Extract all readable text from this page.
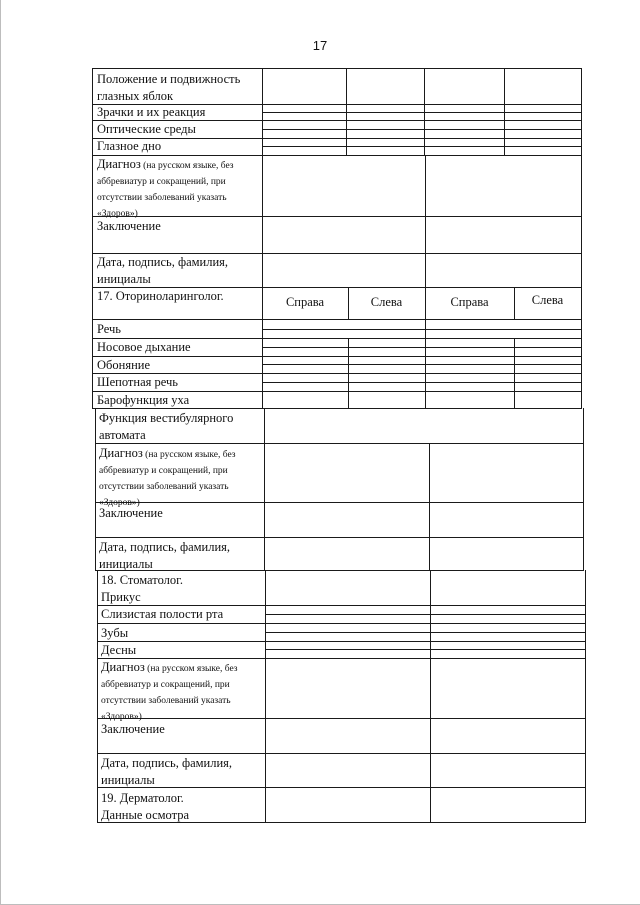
17
Положение и подвижность
глазных яблок
Зрачки и их реакция
Оптические среды
Глазное дно
Диагноз (на русском языке, без
аббревиатур и сокращений, при
отсутствии заболеваний указать
«Здоров»)
Заключение
Дата, подпись, фамилия,
инициалы
17. Оториноларинголог.	Справа	Слева	Справа	Слева
Речь
Носовое дыхание
Обоняние
Шепотная речь
Барофункция уха
Функция вестибулярного
автомата
Диагноз (на русском языке, без
аббревиатур и сокращений, при
отсутствии заболеваний указать
«Здоров»)
Заключение
Дата, подпись, фамилия,
инициалы
18. Стоматолог.
Прикус
Слизистая полости рта
Зубы
Десны
Диагноз (на русском языке, без
аббревиатур и сокращений, при
отсутствии заболеваний указать
«Здоров»)
Заключение
Дата, подпись, фамилия,
инициалы
19. Дерматолог.
Данные осмотра
